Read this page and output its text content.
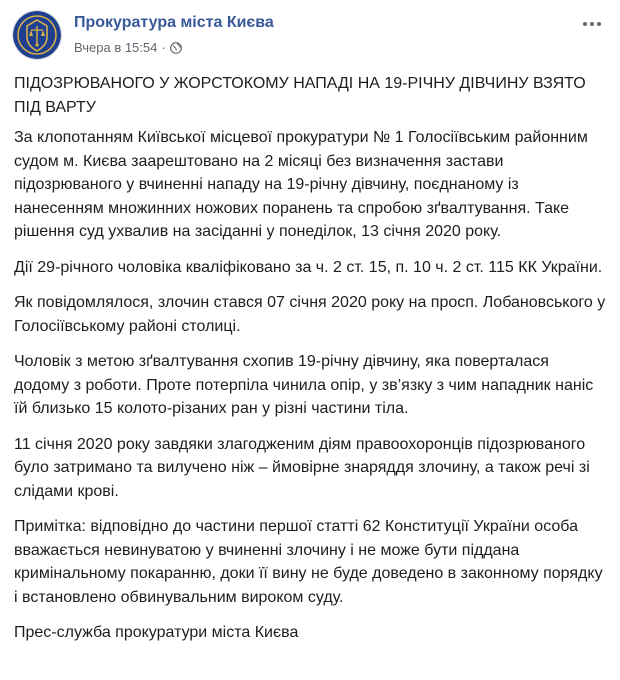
Прокуратура міста Києва
Вчера в 15:54 ·

ПІДОЗРЮВАНОГО У ЖОРСТОКОМУ НАПАДІ НА 19-РІЧНУ ДІВЧИНУ ВЗЯТО ПІД ВАРТУ

За клопотанням Київської місцевої прокуратури № 1 Голосіївським районним судом м. Києва заарештовано на 2 місяці без визначення застави підозрюваного у вчиненні нападу на 19-річну дівчину, поєднаному із нанесенням множинних ножових поранень та спробою зґвалтування. Таке рішення суд ухвалив на засіданні у понеділок, 13 січня 2020 року.

Дії 29-річного чоловіка кваліфіковано за ч. 2 ст. 15, п. 10 ч. 2 ст. 115 КК України.

Як повідомлялося, злочин стався 07 січня 2020 року на просп. Лобановського у Голосіївському районі столиці.

Чоловік з метою зґвалтування схопив 19-річну дівчину, яка поверталася додому з роботи. Проте потерпіла чинила опір, у зв’язку з чим нападник наніс їй близько 15 колото-різаних ран у різні частини тіла.

11 січня 2020 року завдяки злагодженим діям правоохоронців підозрюваного було затримано та вилучено ніж – ймовірне знаряддя злочину, а також речі зі слідами крові.

Примітка: відповідно до частини першої статті 62 Конституції України особа вважається невинуватою у вчиненні злочину і не може бути піддана кримінальному покаранню, доки її вину не буде доведено в законному порядку і встановлено обвинувальним вироком суду.

Прес-служба прокуратури міста Києва
